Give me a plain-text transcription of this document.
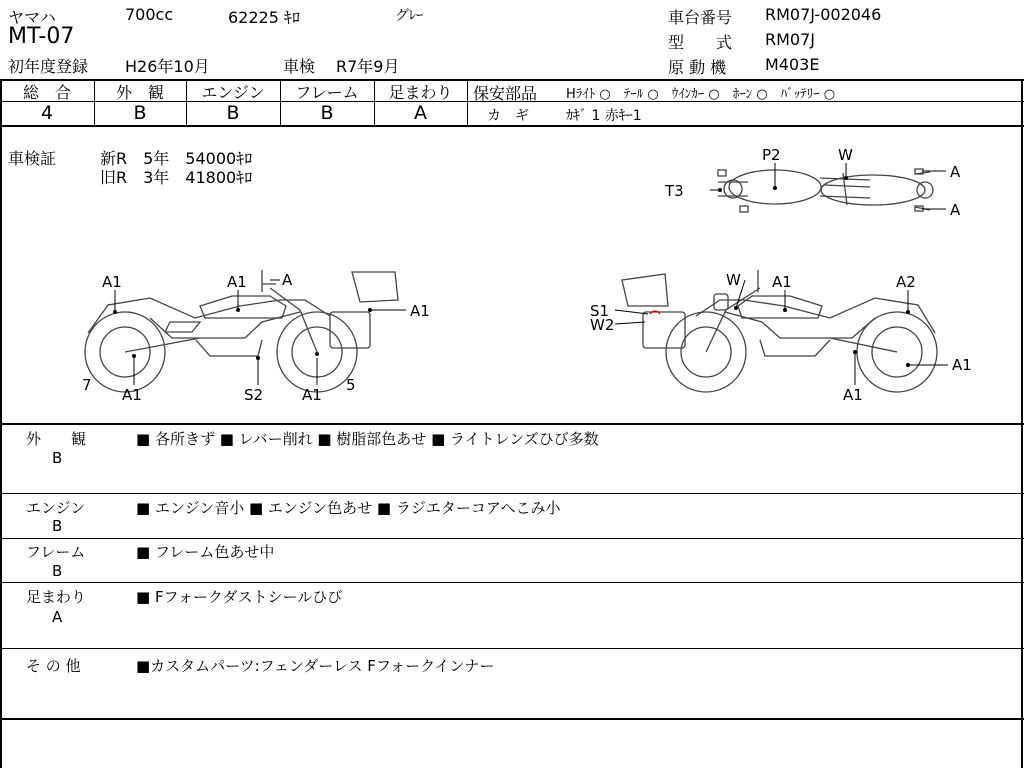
ヤマハ	700cc	62225 ｷﾛ	グﾚｰ
MT-07
初年度登録 H26年10月	車検 R7年9月
車台番号 RM07J-002046
型　　式 RM07J
原 動 機 M403E
総　合
4
外　観
B
エンジン
B
フレーム
B
足まわり
A
保安部品 Hﾗｲﾄ ○　ﾃｰﾙ ○　ｳｲﾝｶｰ ○　ﾎｰﾝ ○　ﾊﾞｯﾃﾘｰ ○
カ　ギ	ｶｷﾞ 1 赤ｷｰ1
車検証	新R　5年　54000ｷﾛ
旧R　3年　41800ｷﾛ
P2	W
T3
A
A
A1	A1 A
A1
7
A1	S2	A1
5
W A1	A2
S1
W2
A1
A1
外　　観
B
■ 各所きず ■ レバー削れ ■ 樹脂部色あせ ■ ライトレンズひび多数
エンジン
B
■ エンジン音小 ■ エンジン色あせ ■ ラジエターコアへこみ小
フレーム
B
■ フレーム色あせ中
足まわり
A
■ Fフォークダストシールひび
そ の 他	■カスタムパーツ:フェンダーレス Fフォークインナー
